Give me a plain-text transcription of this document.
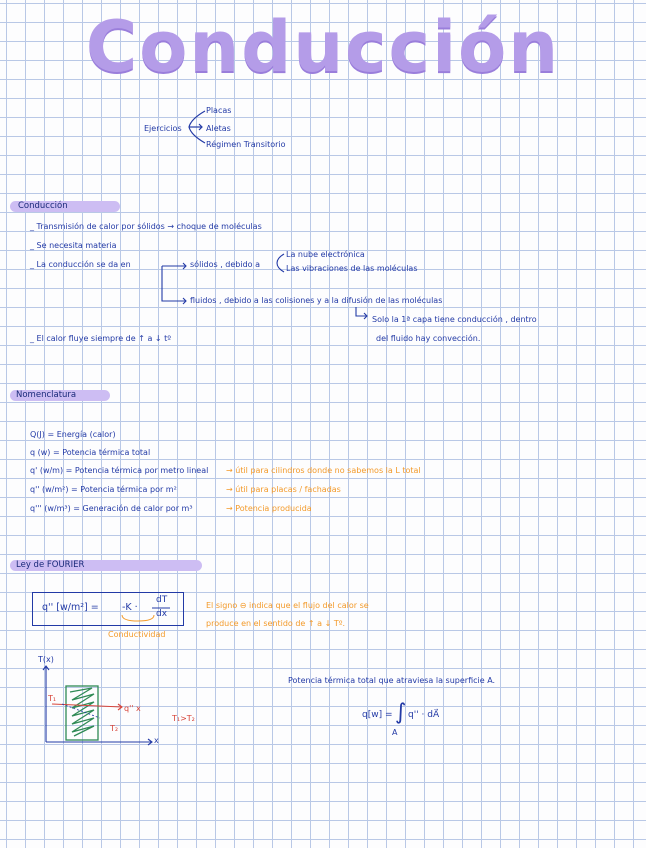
Conducción
Ejercicios
Placas
Aletas
Régimen Transitorio
Conducción
_ Transmisión de calor por sólidos → choque de moléculas
_ Se necesita materia
_ La conducción se da en	sólidos , debido a
La nube electrónica
Las vibraciones de las moléculas
fluidos , debido a las colisiones y a la difusión de las moléculas
Solo la 1ª capa tiene conducción , dentro
del fluido hay convección.
_ El calor fluye siempre de ↑ a ↓ tº
Nomenclatura
Q(J) = Energía (calor)
q (w) = Potencia térmica total
q' (w/m) = Potencia térmica por metro lineal → útil para cilindros donde no sabemos la L total
q'' (w/m²) = Potencia térmica por m²	→ útil para placas / fachadas
q''' (w/m³) = Generación de calor por m³	→ Potencia producida
Ley de FOURIER
q'' [w/m²] = -K ·
dT
dx
Conductividad
El signo ⊖ indica que el flujo del calor se
produce en el sentido de ↑ a ↓ Tº.
T(x)
T₁
T₂
q'' x
T₁>T₂
x
Potencia térmica total que atraviesa la superficie A.
q[w] = ∫ q'' · dA⃗
A
